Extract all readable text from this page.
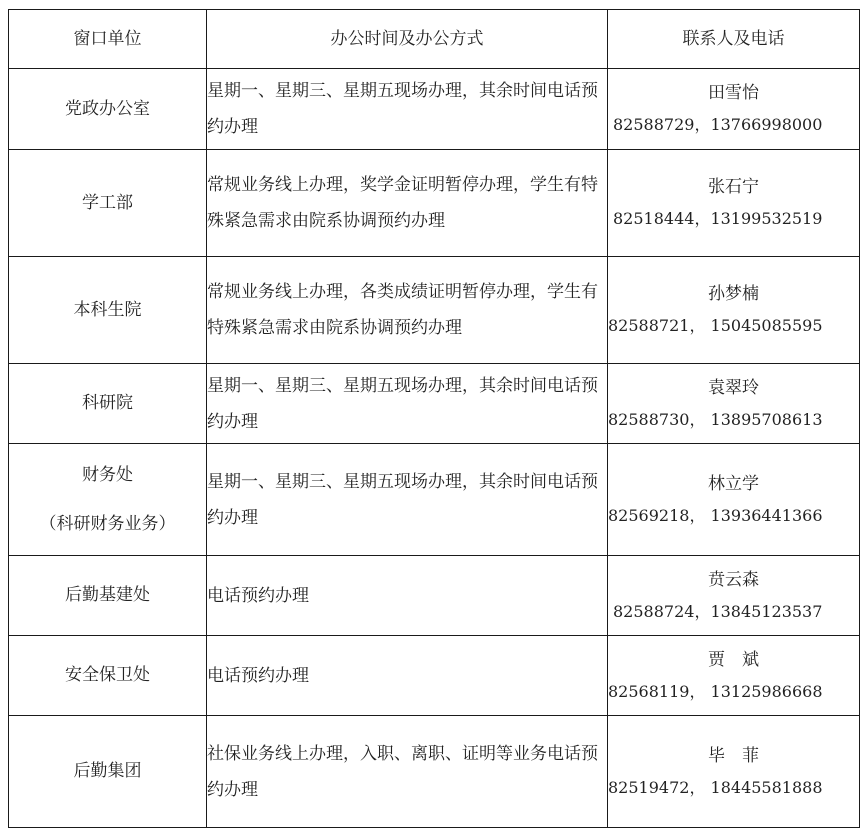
窗口单位	办公时间及办公方式	联系人及电话
党政办公室	星期一、星期三、星期五现场办理，其余时间电话预约办理	田雪怡
82588729，13766998000

学工部	常规业务线上办理，奖学金证明暂停办理，学生有特殊紧急需求由院系协调预约办理	张石宁
82518444，13199532519

本科生院	常规业务线上办理，各类成绩证明暂停办理，学生有特殊紧急需求由院系协调预约办理	孙梦楠
82588721， 15045085595

科研院	星期一、星期三、星期五现场办理，其余时间电话预约办理	袁翠玲
82588730， 13895708613

财务处
（科研财务业务）	星期一、星期三、星期五现场办理，其余时间电话预约办理	林立学
82569218， 13936441366

后勤基建处	电话预约办理	贲云森
82588724，13845123537

安全保卫处	电话预约办理	贾　斌
82568119， 13125986668

后勤集团	社保业务线上办理，入职、离职、证明等业务电话预约办理	毕　菲
82519472， 18445581888
